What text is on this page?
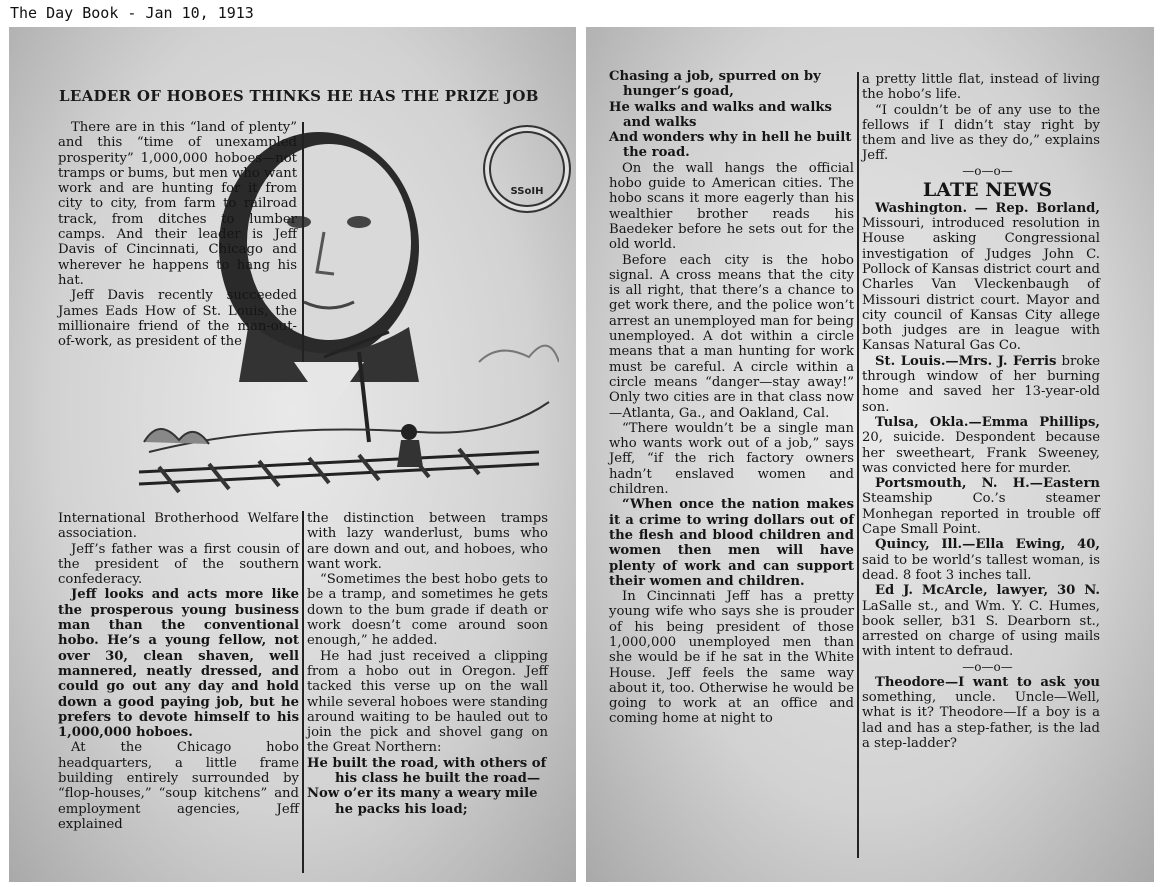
The Day Book - Jan 10, 1913
LEADER OF HOBOES THINKS HE HAS THE PRIZE JOB
SSoIH

There are in this “land of plenty” and this “time of unexampled prosperity” 1,000,000 hoboes—not tramps or bums, but men who want work and are hunting for it from city to city, from farm to railroad track, from ditches to lumber camps. And their leader is Jeff Davis of Cincinnati, Chicago and wherever he happens to hang his hat.

Jeff Davis recently succeeded James Eads How of St. Louis, the millionaire friend of the man-out-of-work, as president of the

International Brotherhood Welfare association.

Jeff’s father was a first cousin of the president of the southern confederacy.

Jeff looks and acts more like the prosperous young business man than the conventional hobo. He’s a young fellow, not over 30, clean shaven, well mannered, neatly dressed, and could go out any day and hold down a good paying job, but he prefers to devote himself to his 1,000,000 hoboes.

At the Chicago hobo headquarters, a little frame building entirely surrounded by “flop-houses,” “soup kitchens” and employment agencies, Jeff explained

the distinction between tramps with lazy wanderlust, bums who are down and out, and hoboes, who want work.

“Sometimes the best hobo gets to be a tramp, and sometimes he gets down to the bum grade if death or work doesn’t come around soon enough,” he added.

He had just received a clipping from a hobo out in Oregon. Jeff tacked this verse up on the wall while several hoboes were standing around waiting to be hauled out to join the pick and shovel gang on the Great Northern:

He built the road, with others of

his class he built the road—

Now o’er its many a weary mile

he packs his load;

Chasing a job, spurred on by

hunger’s goad,

He walks and walks and walks

and walks

And wonders why in hell he built

the road.

On the wall hangs the official hobo guide to American cities. The hobo scans it more eagerly than his wealthier brother reads his Baedeker before he sets out for the old world.

Before each city is the hobo signal. A cross means that the city is all right, that there’s a chance to get work there, and the police won’t arrest an unemployed man for being unemployed. A dot within a circle means that a man hunting for work must be careful. A circle within a circle means “danger—stay away!” Only two cities are in that class now—Atlanta, Ga., and Oakland, Cal.

“There wouldn’t be a single man who wants work out of a job,” says Jeff, “if the rich factory owners hadn’t enslaved women and children.

“When once the nation makes it a crime to wring dollars out of the flesh and blood children and women then men will have plenty of work and can support their women and children.

In Cincinnati Jeff has a pretty young wife who says she is prouder of his being president of those 1,000,000 unemployed men than she would be if he sat in the White House. Jeff feels the same way about it, too. Otherwise he would be going to work at an office and coming home at night to

a pretty little flat, instead of living the hobo’s life.

“I couldn’t be of any use to the fellows if I didn’t stay right by them and live as they do,” explains Jeff.

—o—o—

LATE NEWS

Washington. — Rep. Borland, Missouri, introduced resolution in House asking Congressional investigation of Judges John C. Pollock of Kansas district court and Charles Van Vleckenbaugh of Missouri district court. Mayor and city council of Kansas City allege both judges are in league with Kansas Natural Gas Co.

St. Louis.—Mrs. J. Ferris broke through window of her burning home and saved her 13-year-old son.

Tulsa, Okla.—Emma Phillips, 20, suicide. Despondent because her sweetheart, Frank Sweeney, was convicted here for murder.

Portsmouth, N. H.—Eastern Steamship Co.’s steamer Monhegan reported in trouble off Cape Small Point.

Quincy, Ill.—Ella Ewing, 40, said to be world’s tallest woman, is dead. 8 foot 3 inches tall.

Ed J. McArcle, lawyer, 30 N. LaSalle st., and Wm. Y. C. Humes, book seller, b31 S. Dearborn st., arrested on charge of using mails with intent to defraud.

—o—o—

Theodore—I want to ask you something, uncle. Uncle—Well, what is it? Theodore—If a boy is a lad and has a step-father, is the lad a step-ladder?
